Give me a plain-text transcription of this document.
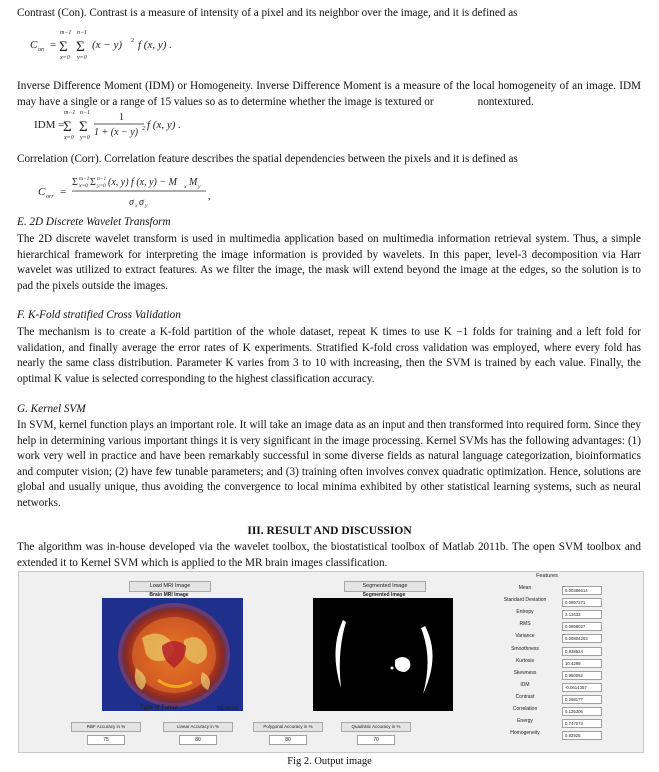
Contrast (Con). Contrast is a measure of intensity of a pixel and its neighbor over the image, and it is defined as

C on =
m−1
Σ
x=0
n−1
Σ
y=0
(x − y) 2 f (x, y) .

Inverse Difference Moment (IDM) or Homogeneity. Inverse Difference Moment is a measure of the local homogeneity of an image. IDM may have a single or a range of 15 values so as to determine whether the image is textured or	nontextured.

IDM =
m−1
Σ
x=0
n−1
Σ
y=0
1
1 + (x − y) 2 f (x, y) .

Correlation (Corr). Correlation feature describes the spatial dependencies between the pixels and it is defined as

C orr =
Σ m−1
x=0 Σ n−1
y=0 (x, y) f (x, y) − M x M y
σ x σ y
,

E. 2D Discrete Wavelet Transform

The 2D discrete wavelet transform is used in multimedia application based on multimedia information retrieval system. Thus, a simple hierarchical framework for interpreting the image information is provided by wavelets. In this paper, level-3 decomposition via Harr wavelet was utilized to extract features. As we filter the image, the mask will extend beyond the image at the edges, so the solution is to pad the pixels outside the images.

F. K-Fold stratified Cross Validation

The mechanism is to create a K-fold partition of the whole dataset, repeat K times to use K −1 folds for training and a left fold for validation, and finally average the error rates of K experiments. Stratified K-fold cross validation was employed, where every fold has nearly the same class distribution. Parameter K varies from 3 to 10 with increasing, then the SVM is trained by each value. Finally, the optimal K value is selected corresponding to the highest classification accuracy.

G. Kernel SVM

In SVM, kernel function plays an important role. It will take an image data as an input and then transformed into required form. Since they help in determining various important things it is very significant in the image processing. Kernel SVMs has the following advantages: (1) work very well in practice and have been remarkably successful in some diverse fields as natural language categorization, bioinformatics and computer vision; (2) have few tunable parameters; and (3) training often involves convex quadratic optimization. Hence, solutions are global and usually unique, thus avoiding the convergence to local minima exhibited by other statistical learning systems, such as neural networks.

III. RESULT AND DISCUSSION

The algorithm was in-house developed via the wavelet toolbox, the biostatistical toolbox of Matlab 2011b. The open SVM toolbox and extended it to Kernel SVM which is applied to the MR brain images classification.

Load MRI Image
Brain MRI Image
Segmented Image
Segmented Image
Type of Tumor	BENIGN
RBF Accuracy in %
75
Linear Accuracy in %
80
Polygonal Accuracy in %
80
Quadratic Accuracy in %
70
Features
Mean	0.00386614
Standard Deviation	0.0897271
Entropy	3.13433
RMS	0.0898027
Variance	0.00804203
Smoothness	0.938524
Kurtosis	10.4299
Skewness	0.950052
IDM	-0.0614357
Contrast	0.258177
Correlation	0.125306
Energy	0.747072
Homogeneity	0.92925
Fig 2. Output image
